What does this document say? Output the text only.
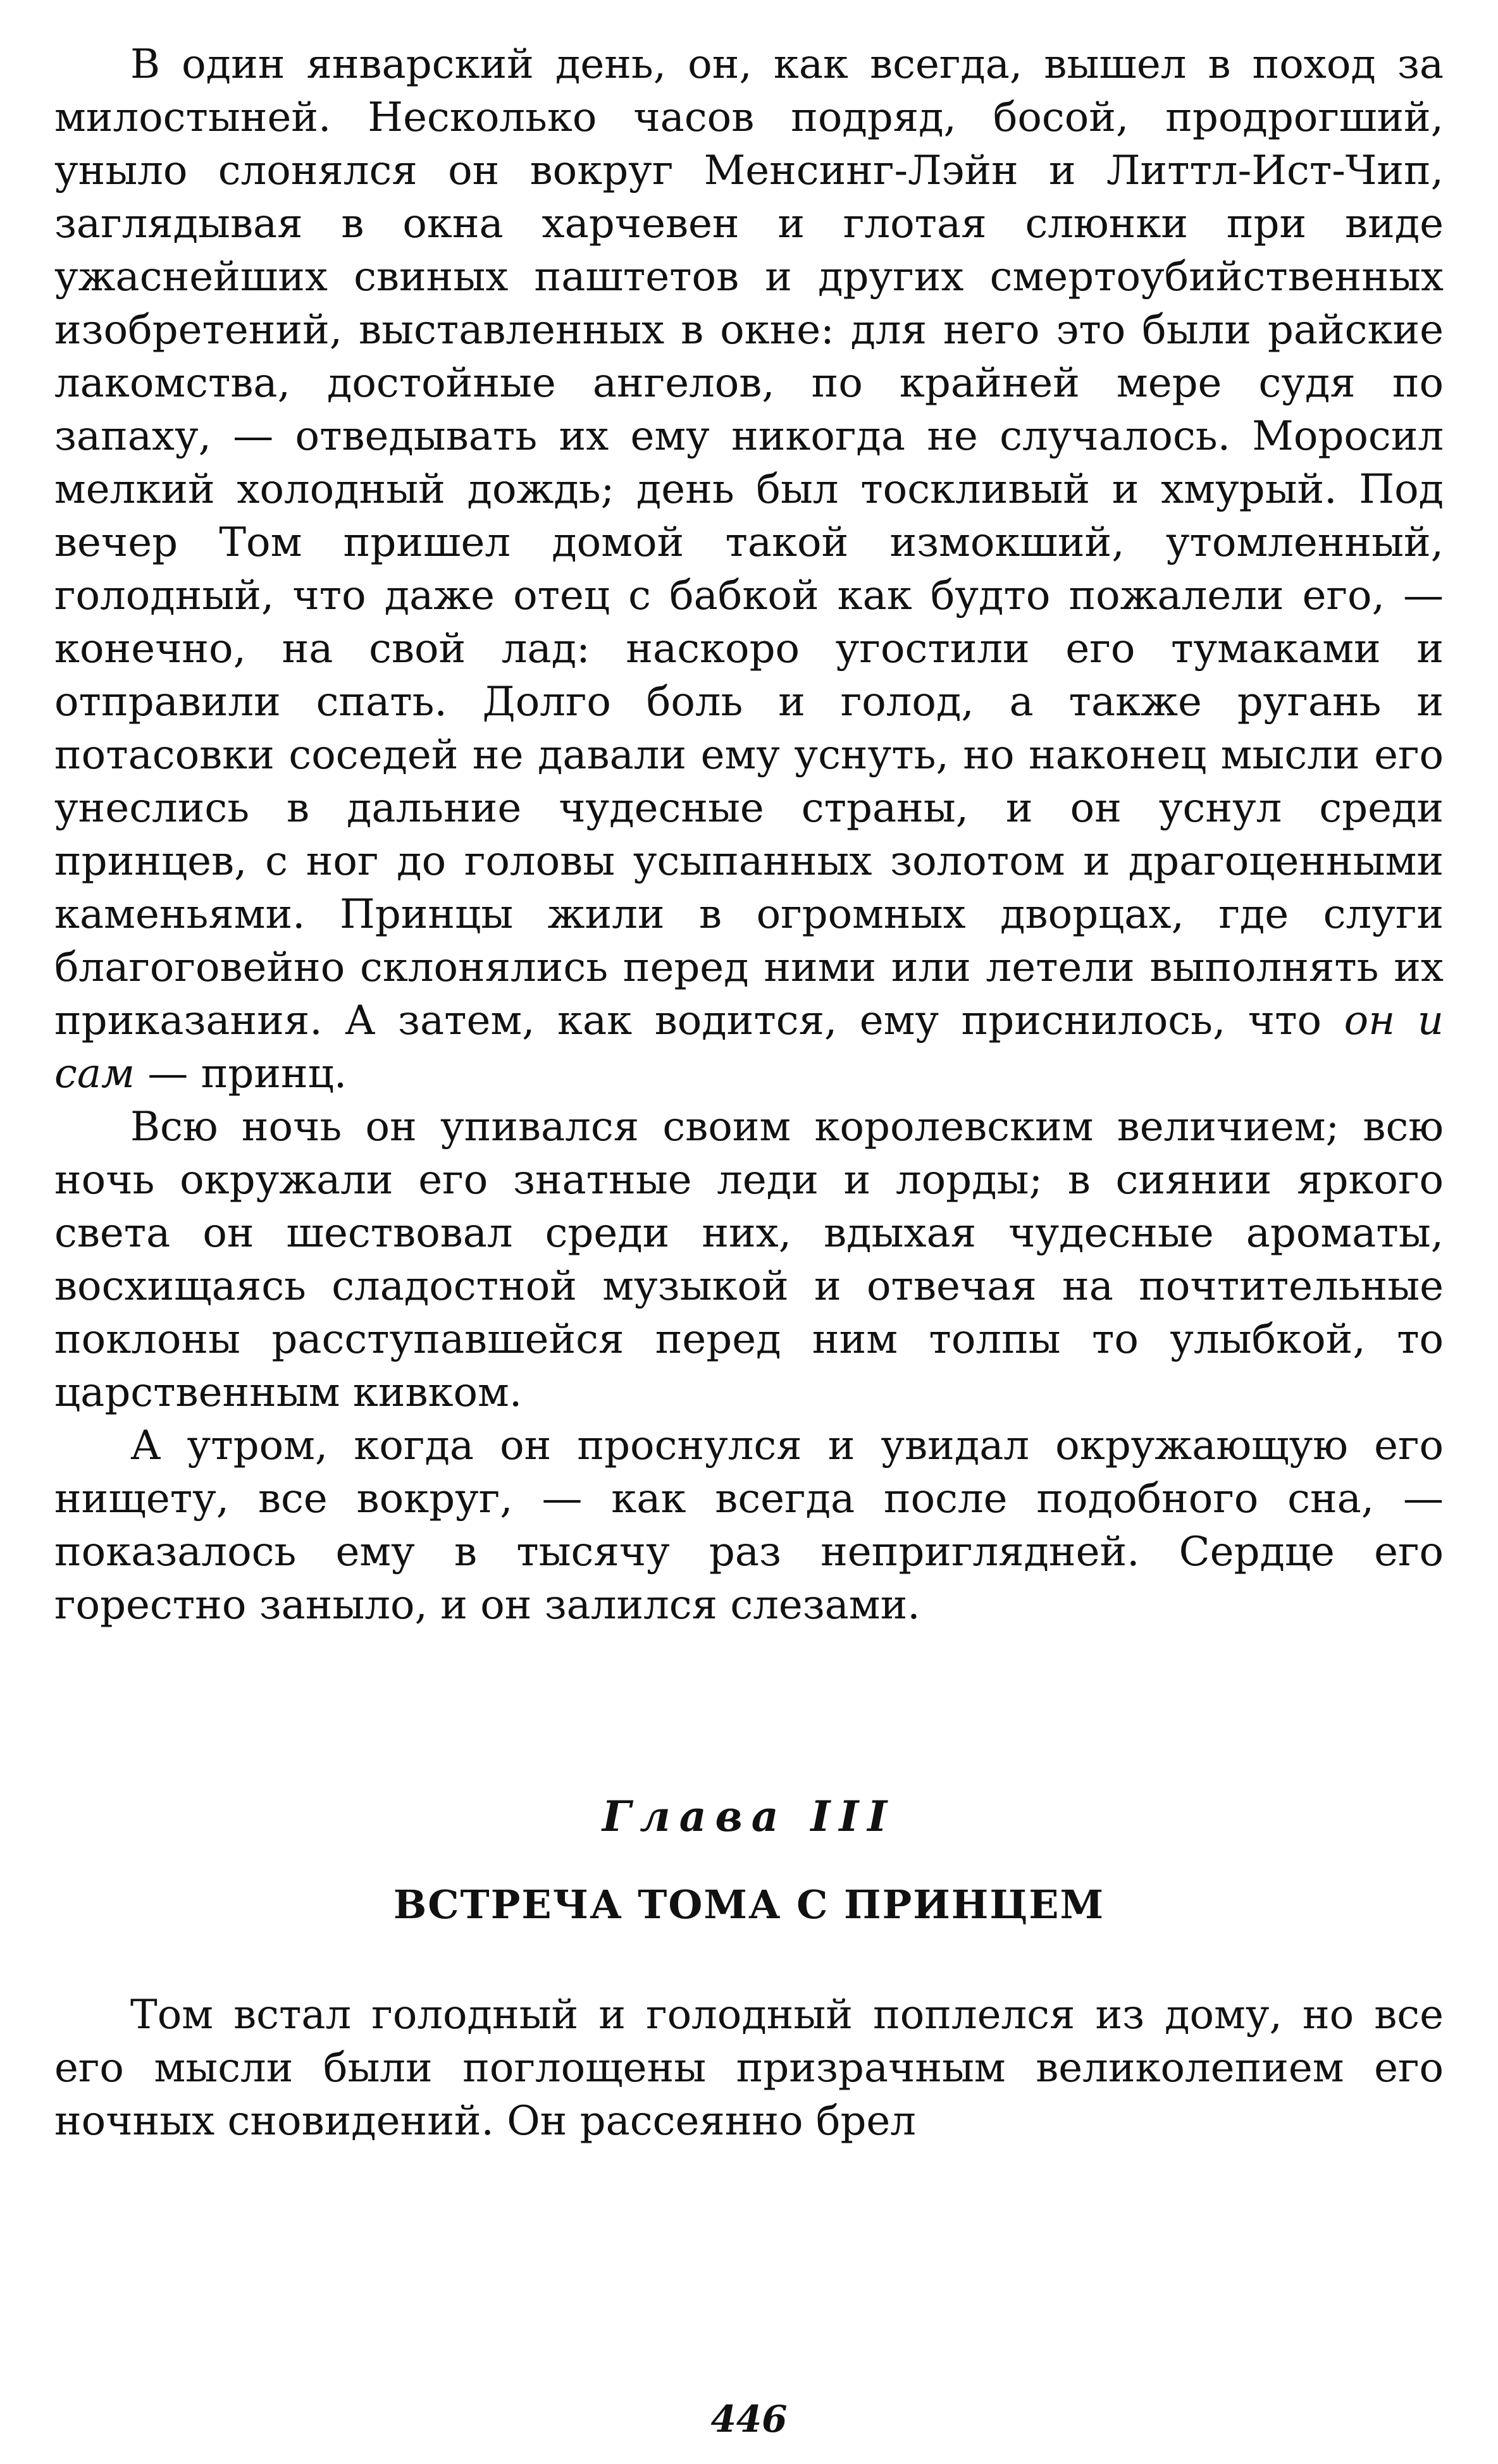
В один январский день, он, как всегда, вышел в поход за милостыней. Несколько часов подряд, босой, продрогший, уныло слонялся он вокруг Менсинг-Лэйн и Литтл-Ист-Чип, заглядывая в окна харчевен и глотая слюнки при виде ужаснейших свиных паштетов и других смертоубийственных изобретений, выставленных в окне: для него это были райские лакомства, достойные ангелов, по крайней мере судя по запаху, — отведывать их ему никогда не случалось. Моросил мелкий холодный дождь; день был тоскливый и хмурый. Под вечер Том пришел домой такой измокший, утомленный, голодный, что даже отец с бабкой как будто пожалели его, — конечно, на свой лад: наскоро угостили его тумаками и отправили спать. Долго боль и голод, а также ругань и потасовки соседей не давали ему уснуть, но наконец мысли его унеслись в дальние чудесные страны, и он уснул среди принцев, с ног до головы усыпанных золотом и драгоценными каменьями. Принцы жили в огромных дворцах, где слуги благоговейно склонялись перед ними или летели выполнять их приказания. А затем, как водится, ему приснилось, что он и сам — принц.

Всю ночь он упивался своим королевским величием; всю ночь окружали его знатные леди и лорды; в сиянии яркого света он шествовал среди них, вдыхая чудесные ароматы, восхищаясь сладостной музыкой и отвечая на почтительные поклоны расступавшейся перед ним толпы то улыбкой, то царственным кивком.

А утром, когда он проснулся и увидал окружающую его нищету, все вокруг, — как всегда после подобного сна, — показалось ему в тысячу раз неприглядней. Сердце его горестно заныло, и он залился слезами.

Глава III
ВСТРЕЧА ТОМА С ПРИНЦЕМ

Том встал голодный и голодный поплелся из дому, но все его мысли были поглощены призрачным великолепием его ночных сновидений. Он рассеянно брел

446
